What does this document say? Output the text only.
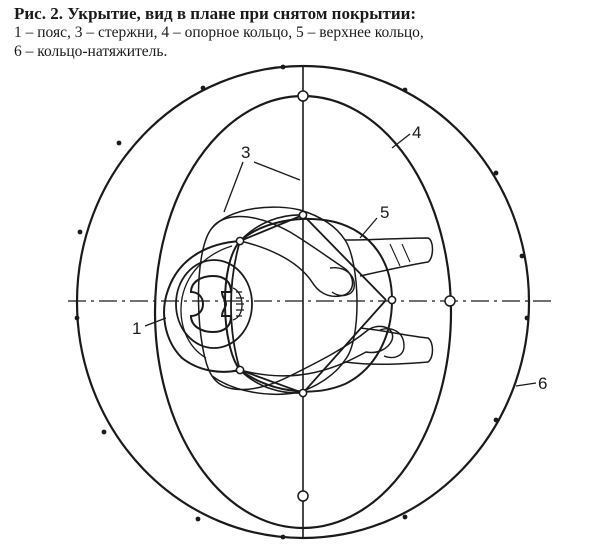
Рис. 2. Укрытие, вид в плане при снятом покрытии:
1 – пояс, 3 – стержни, 4 – опорное кольцо, 5 – верхнее кольцо,
6 – кольцо-натяжитель.
3
4
5
1
6
